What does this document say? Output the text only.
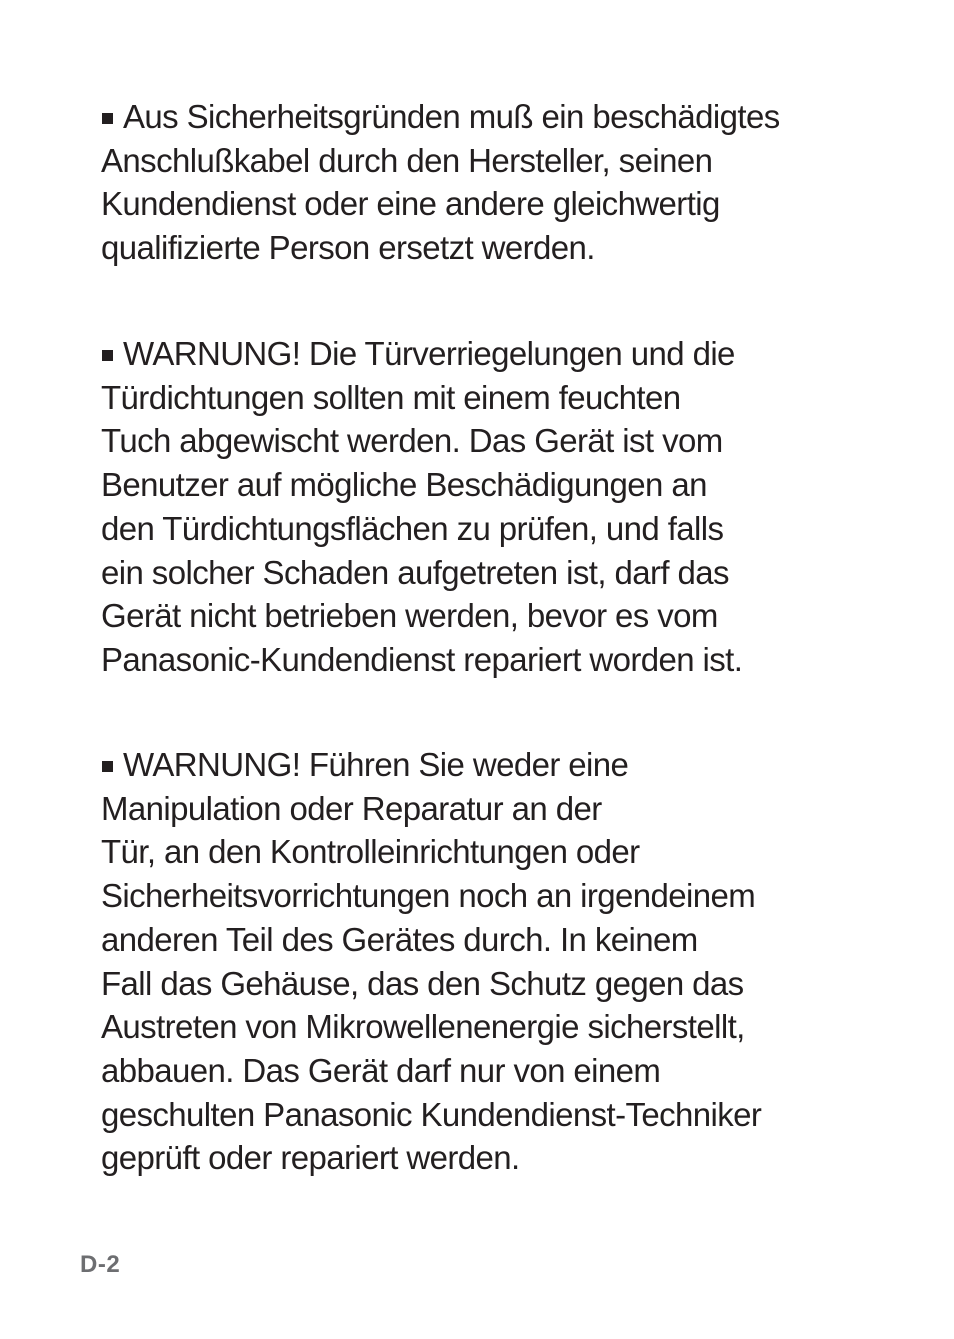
Aus Sicherheitsgründen muß ein beschädigtes
Anschlußkabel durch den Hersteller, seinen
Kundendienst oder eine andere gleichwertig
qualifizierte Person ersetzt werden.
WARNUNG! Die Türverriegelungen und die
Türdichtungen sollten mit einem feuchten
Tuch abgewischt werden. Das Gerät ist vom
Benutzer auf mögliche Beschädigungen an
den Türdichtungsflächen zu prüfen, und falls
ein solcher Schaden aufgetreten ist, darf das
Gerät nicht betrieben werden, bevor es vom
Panasonic-Kundendienst repariert worden ist.
WARNUNG! Führen Sie weder eine
Manipulation oder Reparatur an der
Tür, an den Kontrolleinrichtungen oder
Sicherheitsvorrichtungen noch an irgendeinem
anderen Teil des Gerätes durch. In keinem
Fall das Gehäuse, das den Schutz gegen das
Austreten von Mikrowellenenergie sicherstellt,
abbauen. Das Gerät darf nur von einem
geschulten Panasonic Kundendienst-Techniker
geprüft oder repariert werden.
D-2
